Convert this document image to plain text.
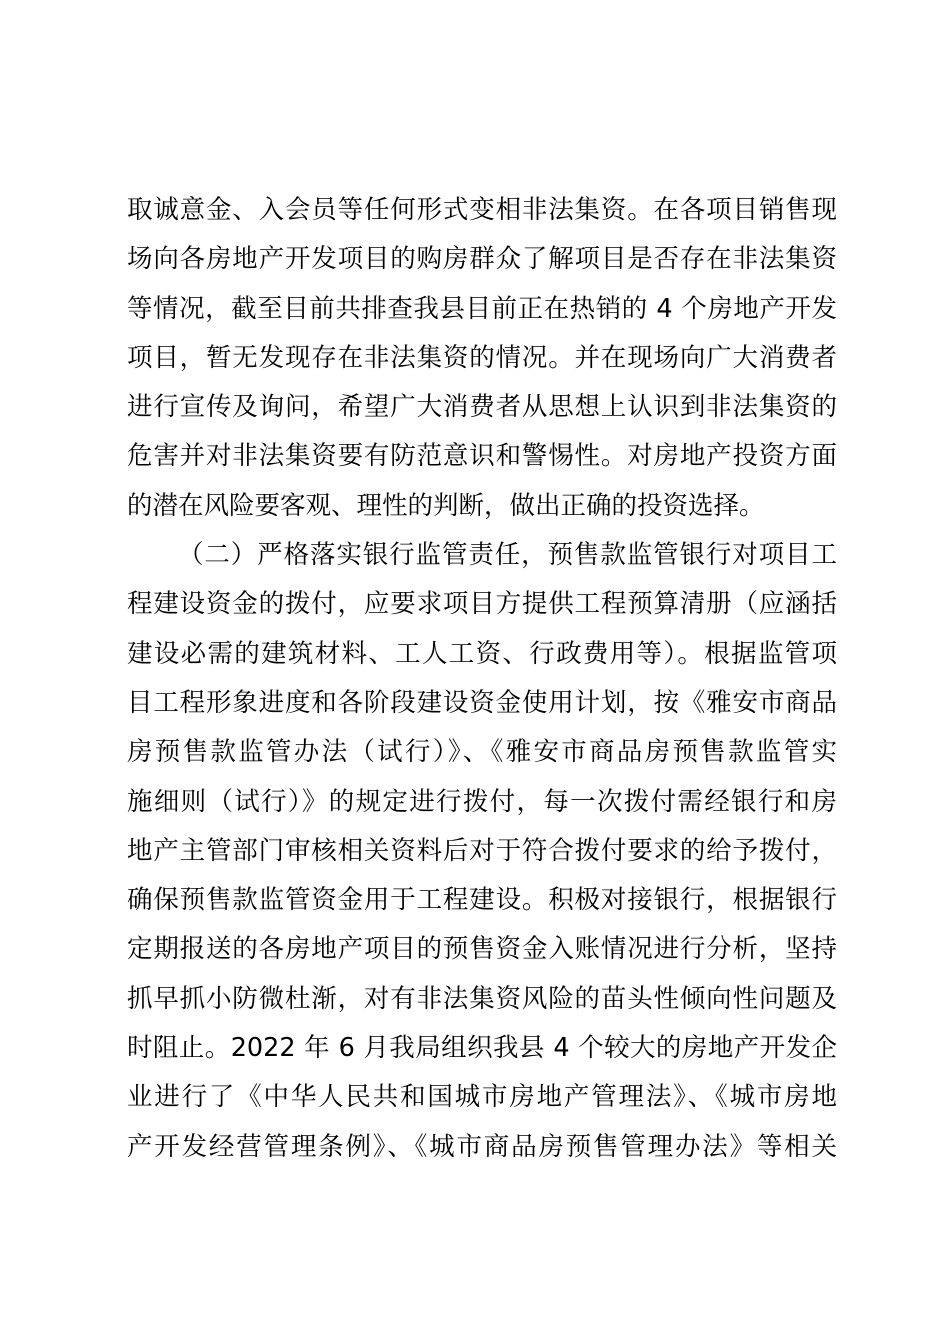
取诚意金、入会员等任何形式变相非法集资。在各项目销售现
场向各房地产开发项目的购房群众了解项目是否存在非法集资
等情况，截至目前共排查我县目前正在热销的 4 个房地产开发
项目，暂无发现存在非法集资的情况。并在现场向广大消费者
进行宣传及询问，希望广大消费者从思想上认识到非法集资的
危害并对非法集资要有防范意识和警惕性。对房地产投资方面
的潜在风险要客观、理性的判断，做出正确的投资选择。
（二）严格落实银行监管责任，预售款监管银行对项目工
程建设资金的拨付，应要求项目方提供工程预算清册（应涵括
建设必需的建筑材料、工人工资、行政费用等）。根据监管项
目工程形象进度和各阶段建设资金使用计划，按《雅安市商品
房预售款监管办法（试行）》、《雅安市商品房预售款监管实
施细则（试行）》的规定进行拨付，每一次拨付需经银行和房
地产主管部门审核相关资料后对于符合拨付要求的给予拨付，
确保预售款监管资金用于工程建设。积极对接银行，根据银行
定期报送的各房地产项目的预售资金入账情况进行分析，坚持
抓早抓小防微杜渐，对有非法集资风险的苗头性倾向性问题及
时阻止。2022 年 6 月我局组织我县 4 个较大的房地产开发企
业进行了《中华人民共和国城市房地产管理法》、《城市房地
产开发经营管理条例》、《城市商品房预售管理办法》等相关
